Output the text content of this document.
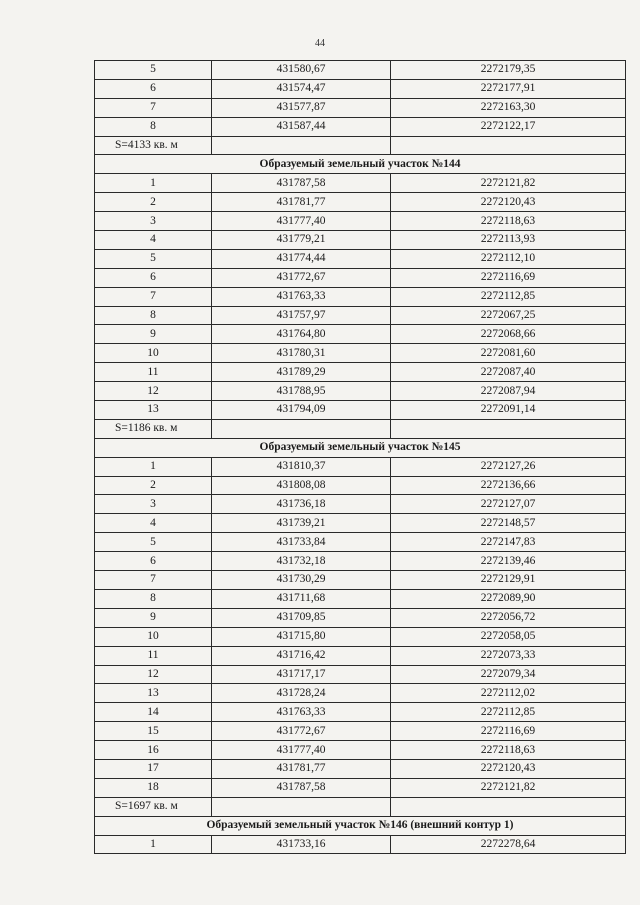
44
5	431580,67	2272179,35
6	431574,47	2272177,91
7	431577,87	2272163,30
8	431587,44	2272122,17
S=4133 кв. м		
Образуемый земельный участок №144		
1	431787,58	2272121,82
2	431781,77	2272120,43
3	431777,40	2272118,63
4	431779,21	2272113,93
5	431774,44	2272112,10
6	431772,67	2272116,69
7	431763,33	2272112,85
8	431757,97	2272067,25
9	431764,80	2272068,66
10	431780,31	2272081,60
11	431789,29	2272087,40
12	431788,95	2272087,94
13	431794,09	2272091,14
S=1186 кв. м		
Образуемый земельный участок №145		
1	431810,37	2272127,26
2	431808,08	2272136,66
3	431736,18	2272127,07
4	431739,21	2272148,57
5	431733,84	2272147,83
6	431732,18	2272139,46
7	431730,29	2272129,91
8	431711,68	2272089,90
9	431709,85	2272056,72
10	431715,80	2272058,05
11	431716,42	2272073,33
12	431717,17	2272079,34
13	431728,24	2272112,02
14	431763,33	2272112,85
15	431772,67	2272116,69
16	431777,40	2272118,63
17	431781,77	2272120,43
18	431787,58	2272121,82
S=1697 кв. м		
Образуемый земельный участок №146 (внешний контур 1)		
1	431733,16	2272278,64
